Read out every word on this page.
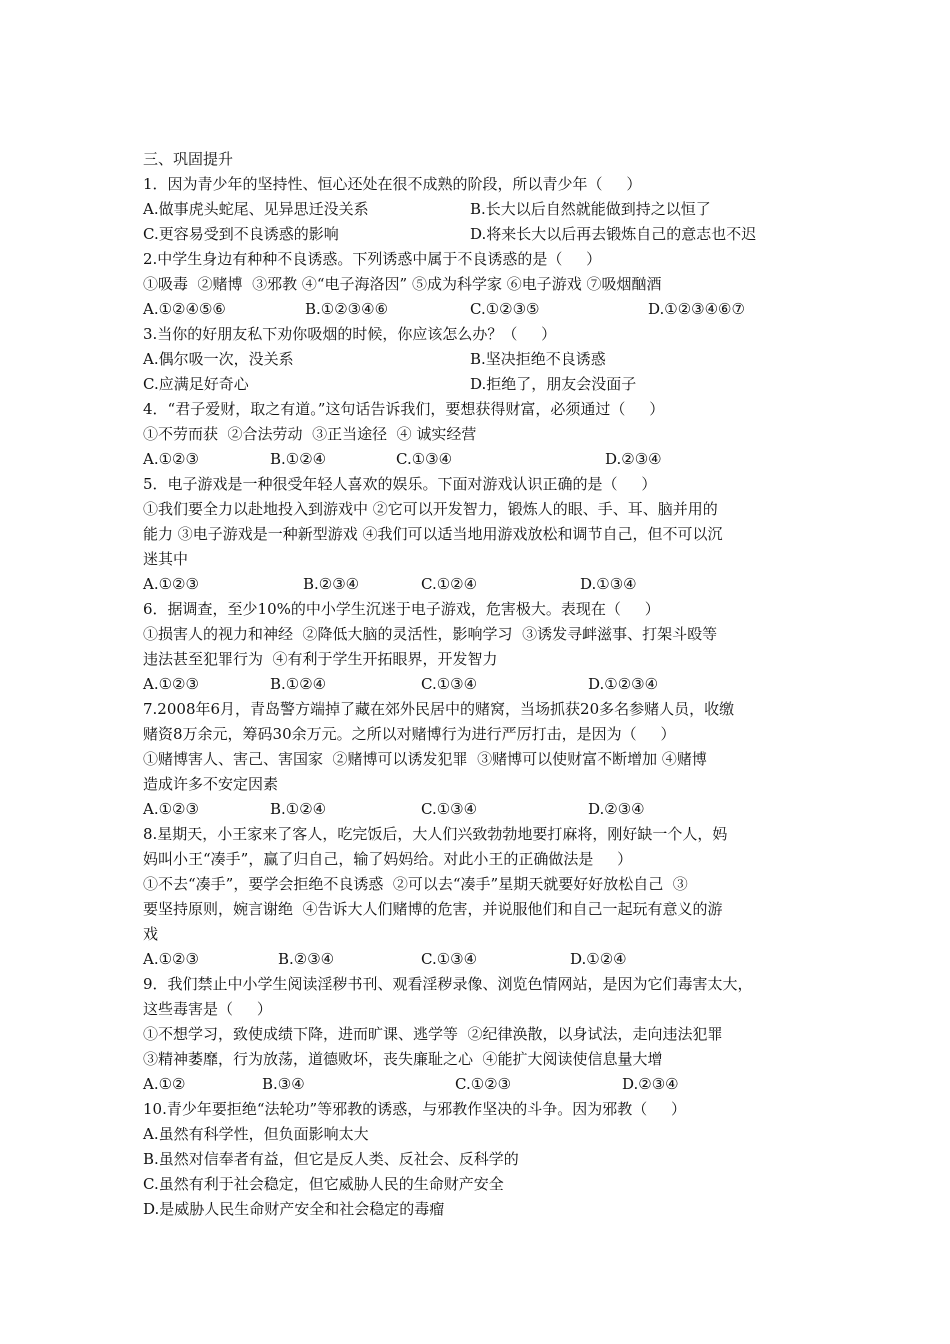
三、巩固提升
1．因为青少年的坚持性、恒心还处在很不成熟的阶段，所以青少年（     ）
A.做事虎头蛇尾、见异思迁没关系	B.长大以后自然就能做到持之以恒了
C.更容易受到不良诱惑的影响	D.将来长大以后再去锻炼自己的意志也不迟
2.中学生身边有种种不良诱惑。下列诱惑中属于不良诱惑的是（     ）
①吸毒  ②赌博  ③邪教 ④“电子海洛因” ⑤成为科学家 ⑥电子游戏 ⑦吸烟酗酒
A.①②④⑤⑥	B.①②③④⑥	C.①②③⑤	D.①②③④⑥⑦
3.当你的好朋友私下劝你吸烟的时候，你应该怎么办？（     ）
A.偶尔吸一次，没关系	B.坚决拒绝不良诱惑
C.应满足好奇心	D.拒绝了，朋友会没面子
4．“君子爱财，取之有道。”这句话告诉我们，要想获得财富，必须通过（     ）
①不劳而获  ②合法劳动  ③正当途径  ④ 诚实经营
A.①②③	B.①②④	C.①③④	D.②③④
5．电子游戏是一种很受年轻人喜欢的娱乐。下面对游戏认识正确的是（     ）
①我们要全力以赴地投入到游戏中 ②它可以开发智力，锻炼人的眼、手、耳、脑并用的
能力 ③电子游戏是一种新型游戏 ④我们可以适当地用游戏放松和调节自己，但不可以沉
迷其中
A.①②③	B.②③④	C.①②④	D.①③④
6．据调查，至少10%的中小学生沉迷于电子游戏，危害极大。表现在（     ）
①损害人的视力和神经  ②降低大脑的灵活性，影响学习  ③诱发寻衅滋事、打架斗殴等
违法甚至犯罪行为  ④有利于学生开拓眼界，开发智力
A.①②③	B.①②④	C.①③④	D.①②③④
7.2008年6月，青岛警方端掉了藏在郊外民居中的赌窝，当场抓获20多名参赌人员，收缴
赌资8万余元，筹码30余万元。之所以对赌博行为进行严厉打击，是因为（     ）
①赌博害人、害己、害国家  ②赌博可以诱发犯罪  ③赌博可以使财富不断增加 ④赌博
造成许多不安定因素
A.①②③	B.①②④	C.①③④	D.②③④
8.星期天，小王家来了客人，吃完饭后，大人们兴致勃勃地要打麻将，刚好缺一个人，妈
妈叫小王“凑手”，赢了归自己，输了妈妈给。对此小王的正确做法是     ）
①不去“凑手”，要学会拒绝不良诱惑  ②可以去“凑手”星期天就要好好放松自己  ③
要坚持原则，婉言谢绝  ④告诉大人们赌博的危害，并说服他们和自己一起玩有意义的游
戏
A.①②③	B.②③④	C.①③④	D.①②④
9．我们禁止中小学生阅读淫秽书刊、观看淫秽录像、浏览色情网站，是因为它们毒害太大，
这些毒害是（     ）
①不想学习，致使成绩下降，进而旷课、逃学等  ②纪律涣散，以身试法，走向违法犯罪
③精神萎靡，行为放荡，道德败坏，丧失廉耻之心  ④能扩大阅读使信息量大增
A.①②	B.③④	C.①②③	D.②③④
10.青少年要拒绝“法轮功”等邪教的诱惑，与邪教作坚决的斗争。因为邪教（     ）
A.虽然有科学性，但负面影响太大
B.虽然对信奉者有益，但它是反人类、反社会、反科学的
C.虽然有利于社会稳定，但它威胁人民的生命财产安全
D.是威胁人民生命财产安全和社会稳定的毒瘤
